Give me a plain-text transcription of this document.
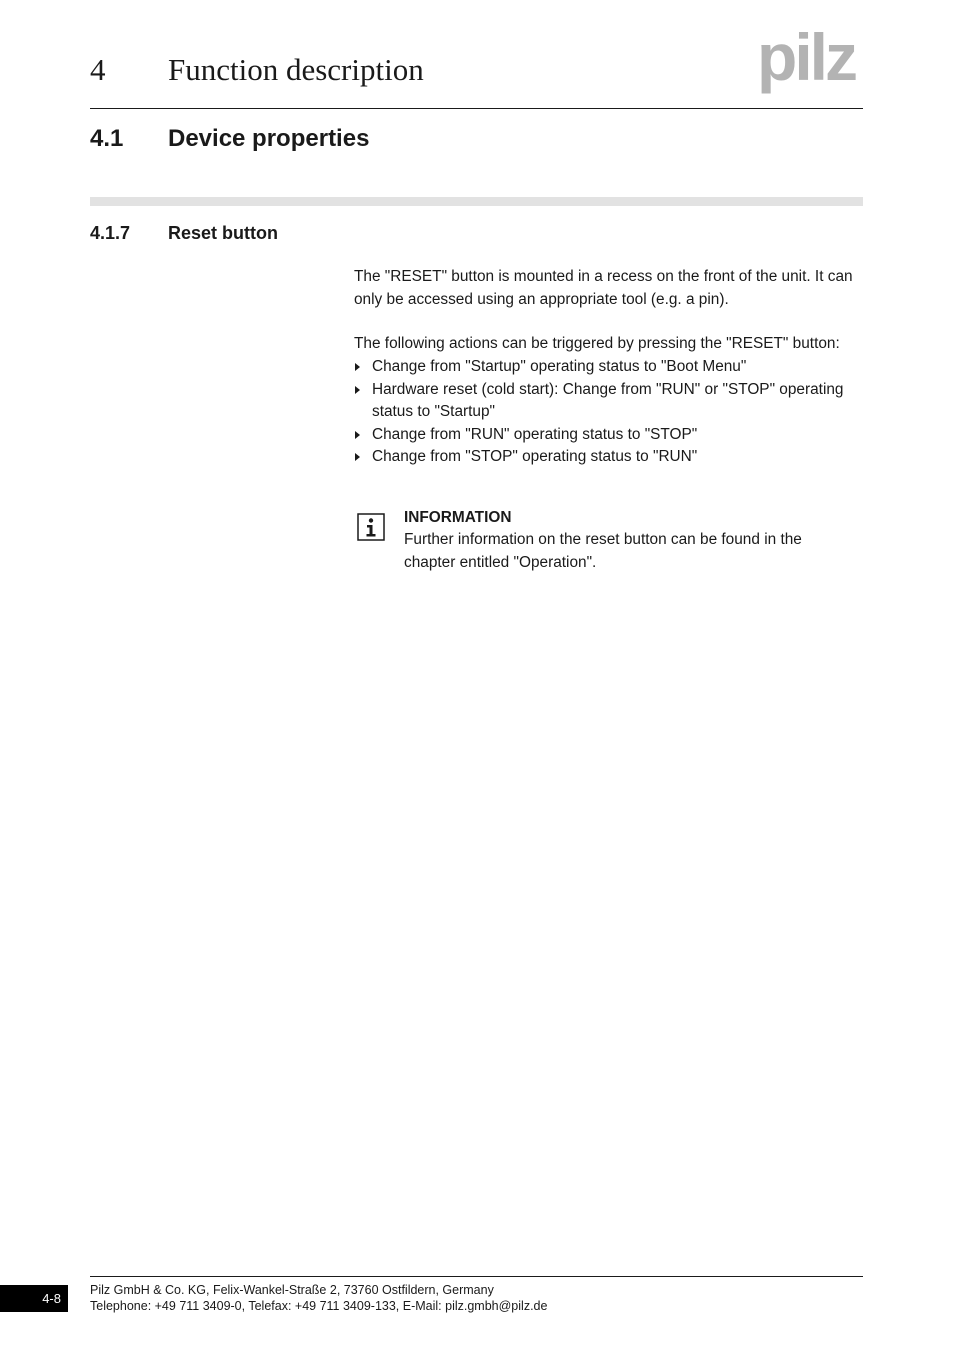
4 Function description	pilz
4.1 Device properties
4.1.7 Reset button
The "RESET" button is mounted in a recess on the front of the unit. It can only be accessed using an appropriate tool (e.g. a pin).
The following actions can be triggered by pressing the "RESET" button:
Change from "Startup" operating status to "Boot Menu"
Hardware reset (cold start): Change from "RUN" or "STOP" operating status to "Startup"
Change from "RUN" operating status to "STOP"
Change from "STOP" operating status to "RUN"
INFORMATION
Further information on the reset button can be found in the chapter entitled "Operation".
4-8
Pilz GmbH & Co. KG, Felix-Wankel-Straße 2, 73760 Ostfildern, Germany
Telephone: +49 711 3409-0, Telefax: +49 711 3409-133, E-Mail: pilz.gmbh@pilz.de
